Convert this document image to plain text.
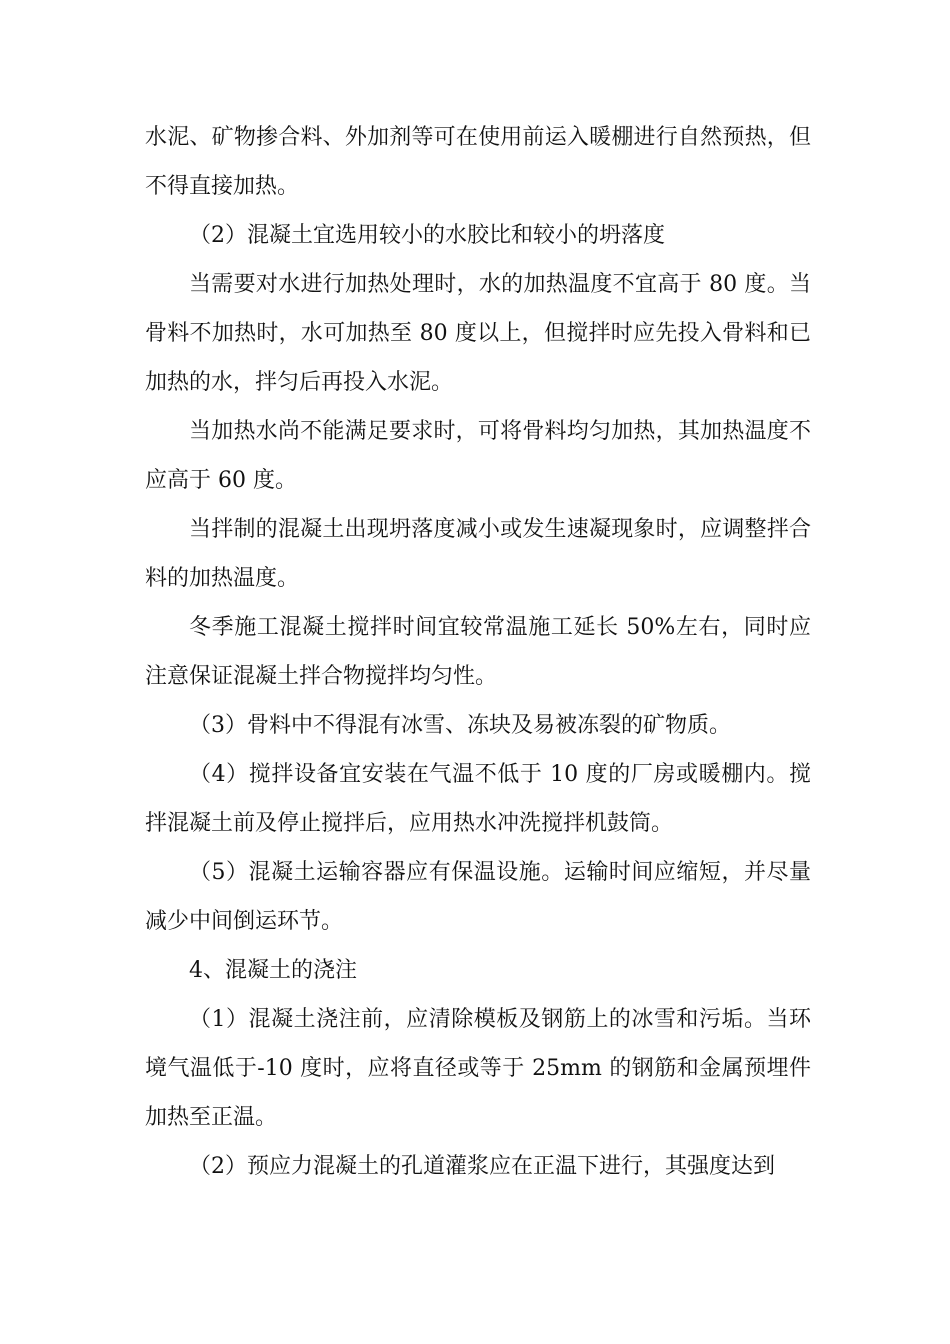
水泥、矿物掺合料、外加剂等可在使用前运入暖棚进行自然预热，但不得直接加热。

（2）混凝土宜选用较小的水胶比和较小的坍落度

当需要对水进行加热处理时，水的加热温度不宜高于 80 度。当骨料不加热时，水可加热至 80 度以上，但搅拌时应先投入骨料和已加热的水，拌匀后再投入水泥。

当加热水尚不能满足要求时，可将骨料均匀加热，其加热温度不应高于 60 度。

当拌制的混凝土出现坍落度减小或发生速凝现象时，应调整拌合料的加热温度。

冬季施工混凝土搅拌时间宜较常温施工延长 50%左右，同时应注意保证混凝土拌合物搅拌均匀性。

（3）骨料中不得混有冰雪、冻块及易被冻裂的矿物质。

（4）搅拌设备宜安装在气温不低于 10 度的厂房或暖棚内。搅拌混凝土前及停止搅拌后，应用热水冲洗搅拌机鼓筒。

（5）混凝土运输容器应有保温设施。运输时间应缩短，并尽量减少中间倒运环节。

4、混凝土的浇注

（1）混凝土浇注前，应清除模板及钢筋上的冰雪和污垢。当环境气温低于-10 度时，应将直径或等于 25mm 的钢筋和金属预埋件加热至正温。

（2）预应力混凝土的孔道灌浆应在正温下进行，其强度达到
